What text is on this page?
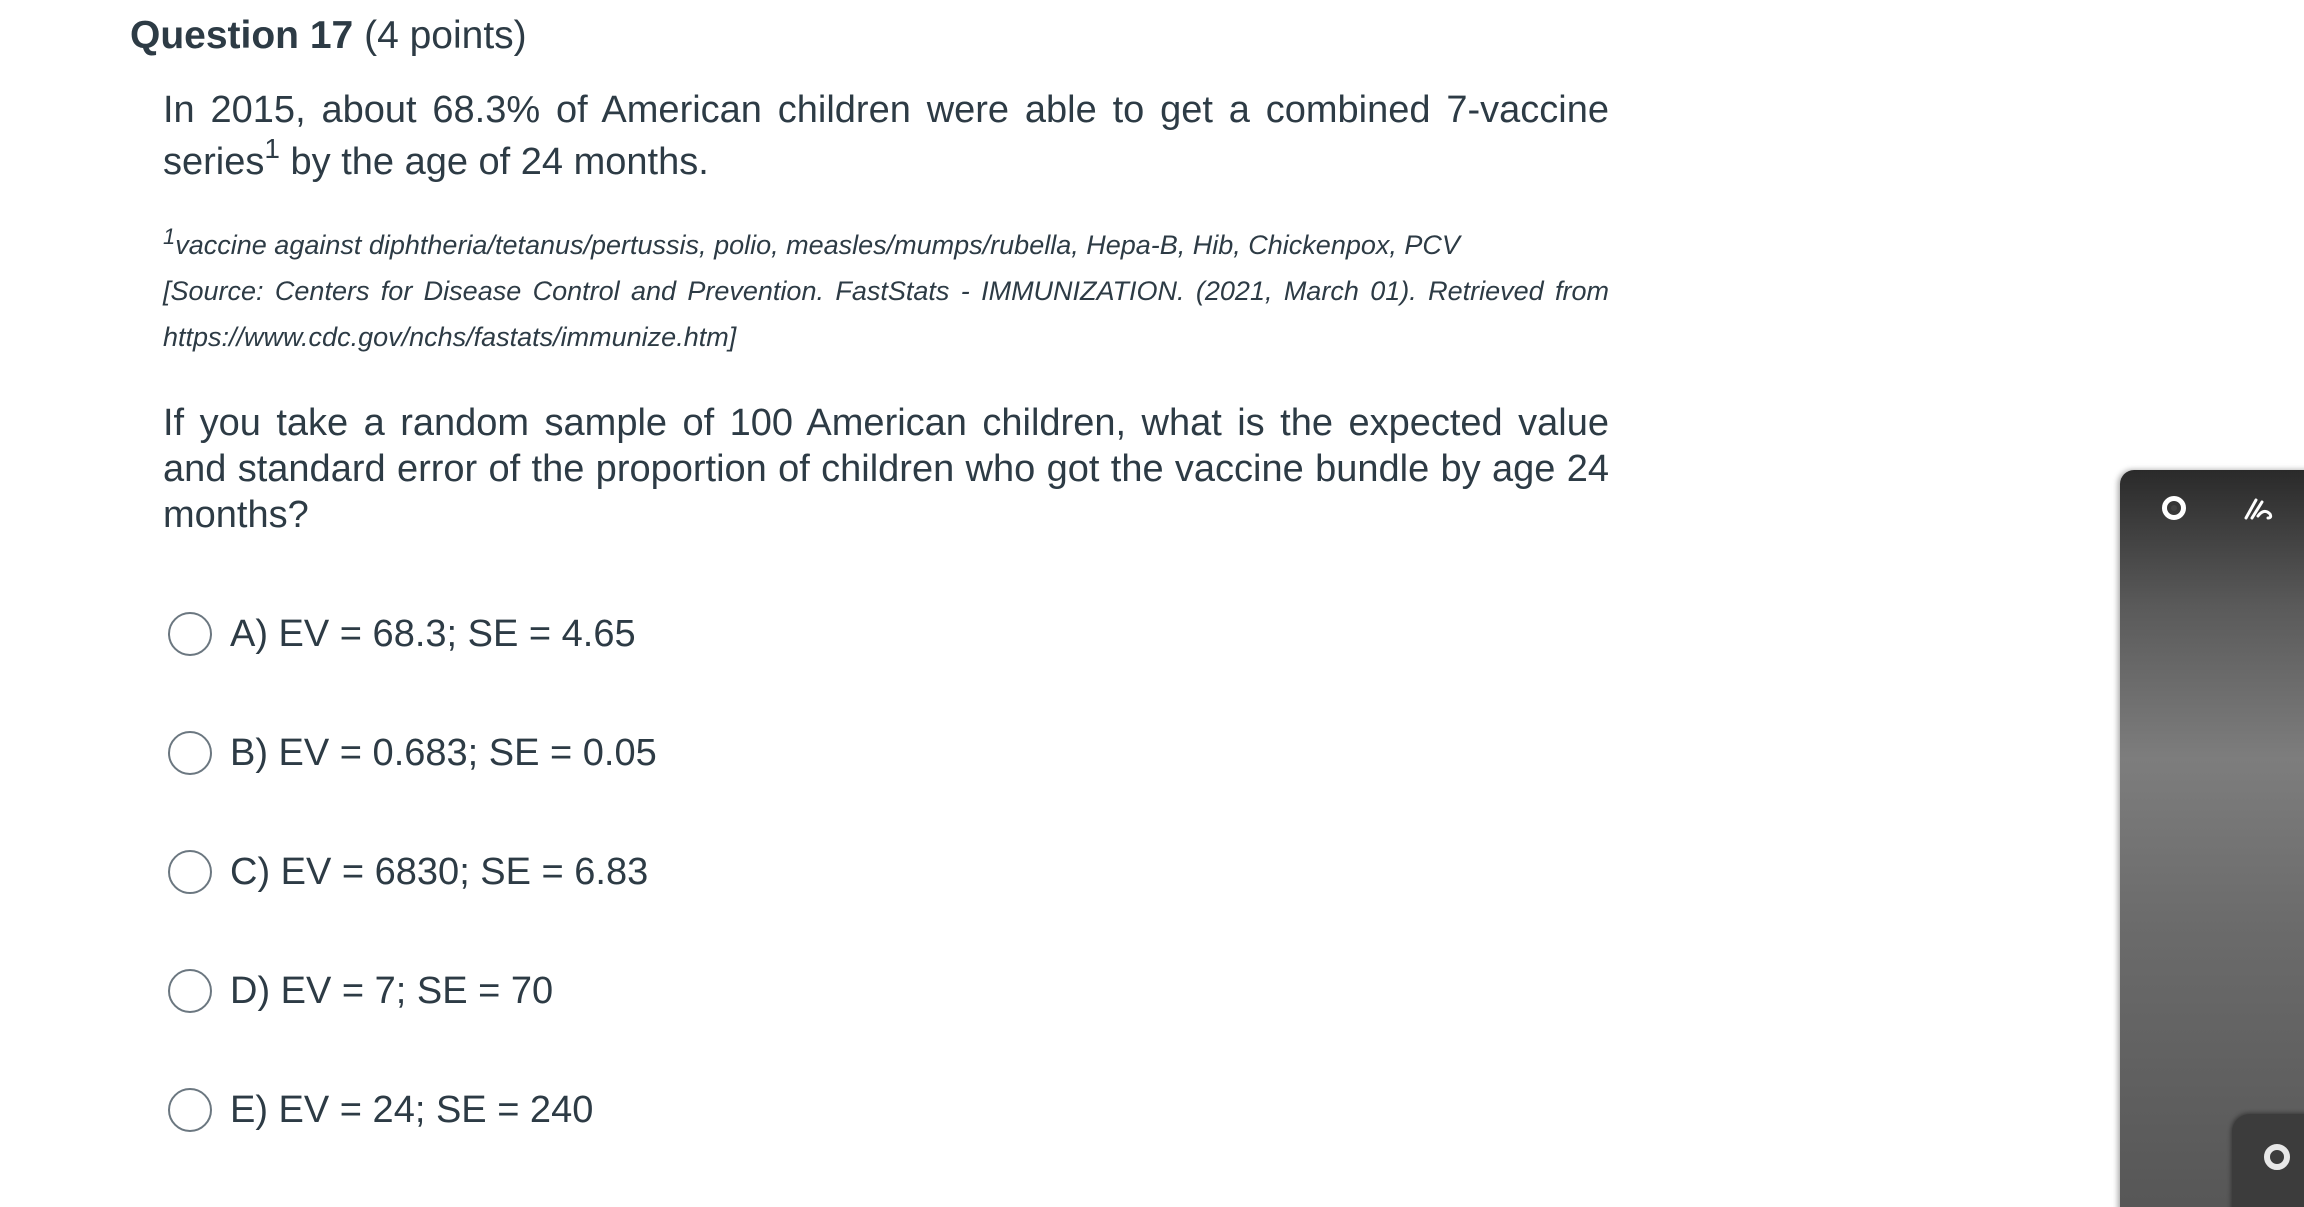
Question 17 (4 points)

In 2015, about 68.3% of American children were able to get a combined 7-vaccine series$^1$ by the age of 24 months.

$^1$vaccine against diphtheria/tetanus/pertussis, polio, measles/mumps/rubella, Hepa-B, Hib, Chickenpox, PCV
[Source: Centers for Disease Control and Prevention. FastStats - IMMUNIZATION. (2021, March 01). Retrieved from https://www.cdc.gov/nchs/fastats/immunize.htm]

If you take a random sample of 100 American children, what is the expected value and standard error of the proportion of children who got the vaccine bundle by age 24 months?

A) EV = 68.3; SE = 4.65
B) EV = 0.683; SE = 0.05
C) EV = 6830; SE = 6.83
D) EV = 7; SE = 70
E) EV = 24; SE = 240
